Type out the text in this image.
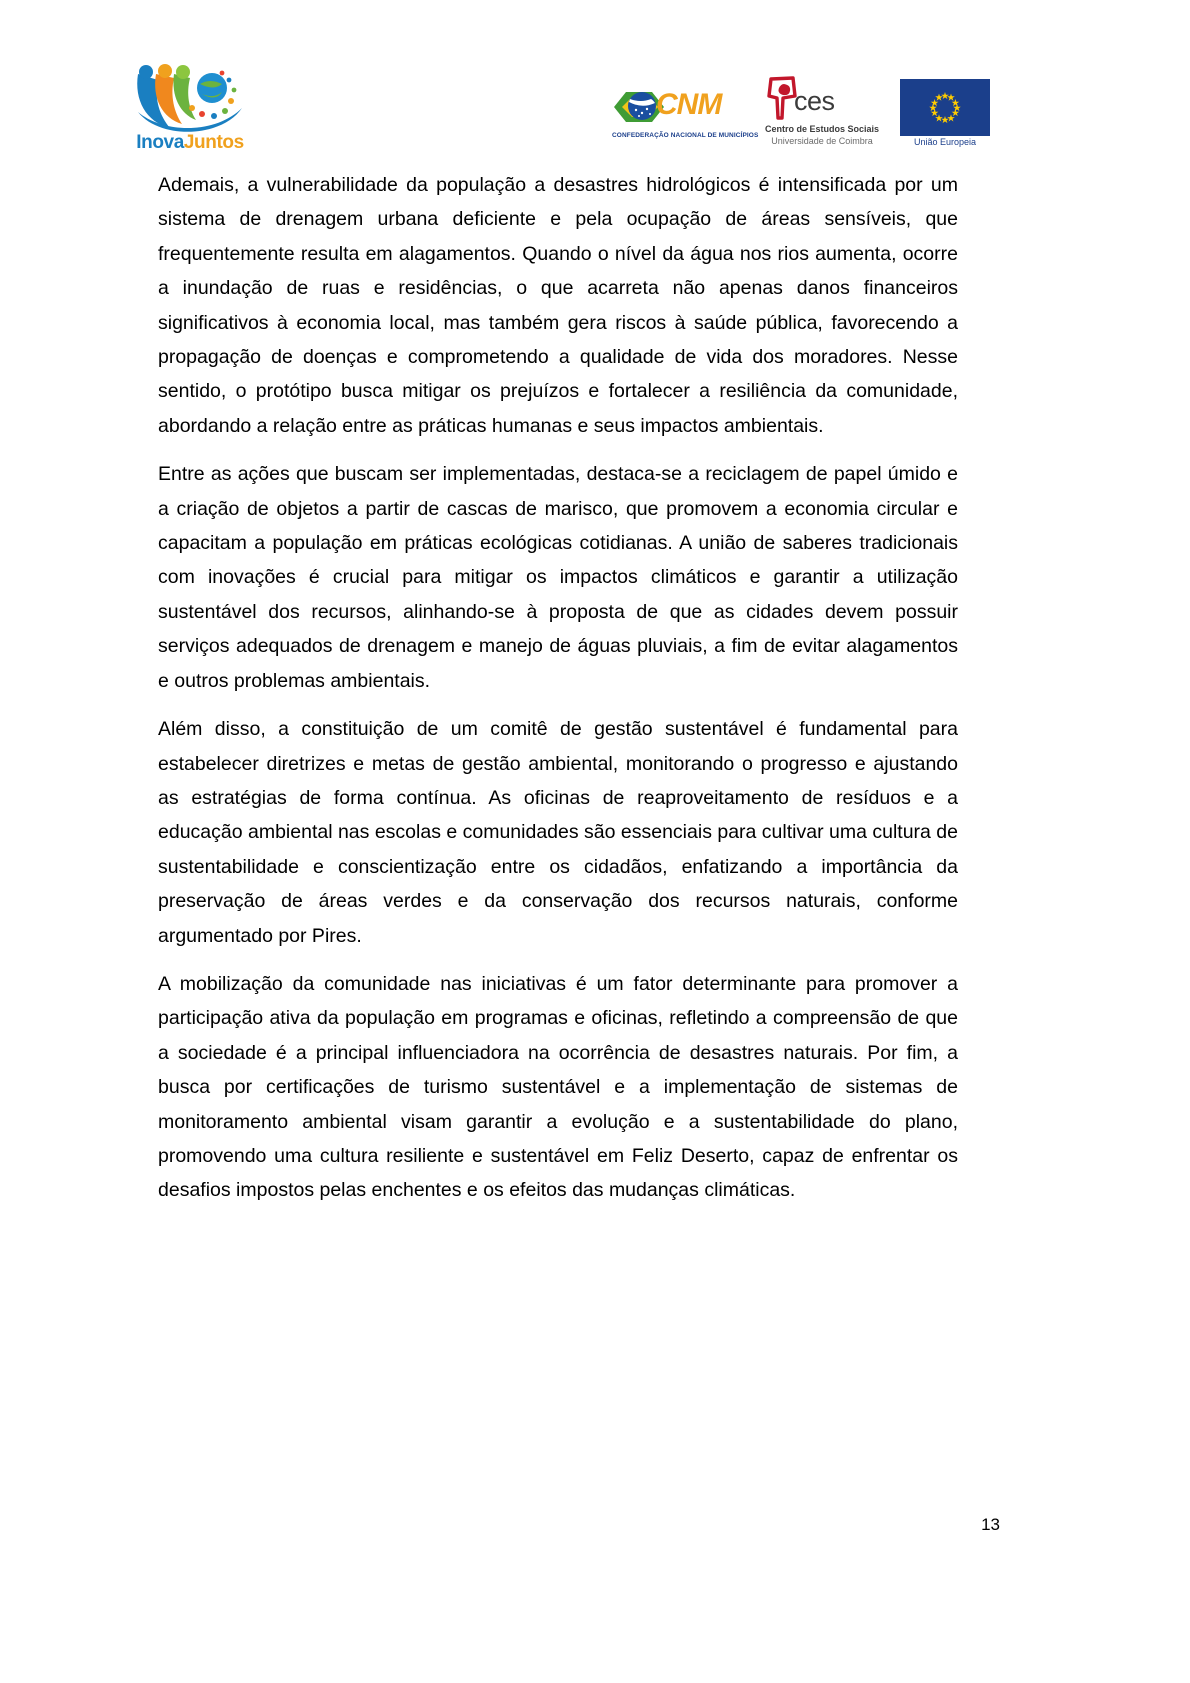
InovaJuntos
CNM
CONFEDERAÇÃO NACIONAL DE MUNICÍPIOS
ces
Centro de Estudos Sociais
Universidade de Coimbra	União Europeia

Ademais, a vulnerabilidade da população a desastres hidrológicos é intensificada por um sistema de drenagem urbana deficiente e pela ocupação de áreas sensíveis, que frequentemente resulta em alagamentos. Quando o nível da água nos rios aumenta, ocorre a inundação de ruas e residências, o que acarreta não apenas danos financeiros significativos à economia local, mas também gera riscos à saúde pública, favorecendo a propagação de doenças e comprometendo a qualidade de vida dos moradores. Nesse sentido, o protótipo busca mitigar os prejuízos e fortalecer a resiliência da comunidade, abordando a relação entre as práticas humanas e seus impactos ambientais.

Entre as ações que buscam ser implementadas, destaca-se a reciclagem de papel úmido e a criação de objetos a partir de cascas de marisco, que promovem a economia circular e capacitam a população em práticas ecológicas cotidianas. A união de saberes tradicionais com inovações é crucial para mitigar os impactos climáticos e garantir a utilização sustentável dos recursos, alinhando-se à proposta de que as cidades devem possuir serviços adequados de drenagem e manejo de águas pluviais, a fim de evitar alagamentos e outros problemas ambientais.

Além disso, a constituição de um comitê de gestão sustentável é fundamental para estabelecer diretrizes e metas de gestão ambiental, monitorando o progresso e ajustando as estratégias de forma contínua. As oficinas de reaproveitamento de resíduos e a educação ambiental nas escolas e comunidades são essenciais para cultivar uma cultura de sustentabilidade e conscientização entre os cidadãos, enfatizando a importância da preservação de áreas verdes e da conservação dos recursos naturais, conforme argumentado por Pires.

A mobilização da comunidade nas iniciativas é um fator determinante para promover a participação ativa da população em programas e oficinas, refletindo a compreensão de que a sociedade é a principal influenciadora na ocorrência de desastres naturais. Por fim, a busca por certificações de turismo sustentável e a implementação de sistemas de monitoramento ambiental visam garantir a evolução e a sustentabilidade do plano, promovendo uma cultura resiliente e sustentável em Feliz Deserto, capaz de enfrentar os desafios impostos pelas enchentes e os efeitos das mudanças climáticas.

13
